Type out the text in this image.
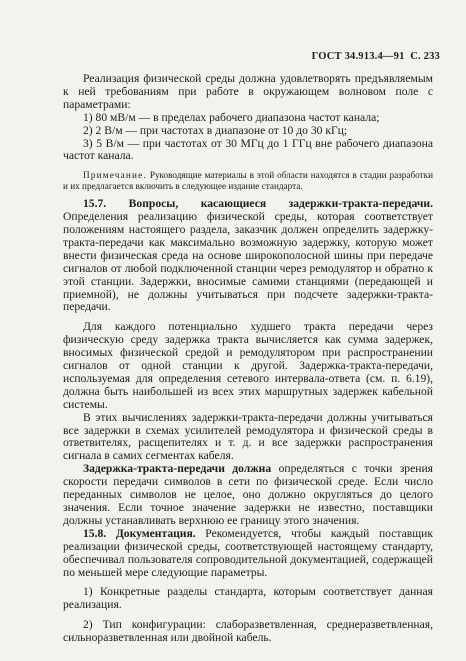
ГОСТ 34.913.4—91 С. 233

Реализация физической среды должна удовлетворять предъявляемым к ней требованиям при работе в окружающем волновом поле с параметрами:

1) 80 мВ/м — в пределах рабочего диапазона частот канала;

2) 2 В/м — при частотах в диапазоне от 10 до 30 кГц;

3) 5 В/м — при частотах от 30 МГц до 1 ГГц вне рабочего диапазона частот канала.

Примечание. Руководящие материалы в этой области находятся в стадии разработки и их предлагается включить в следующее издание стандарта.

15.7. Вопросы, касающиеся задержки-тракта-передачи. Определения реализацию физической среды, которая соответствует положениям настоящего раздела, заказчик должен определить задержку-тракта-передачи как максимально возможную задержку, которую может внести физическая среда на основе широкополосной шины при передаче сигналов от любой подключенной станции через ремодулятор и обратно к этой станции. Задержки, вносимые самими станциями (передающей и приемной), не должны учитываться при подсчете задержки-тракта-передачи.

Для каждого потенциально худшего тракта передачи через физическую среду задержка тракта вычисляется как сумма задержек, вносимых физической средой и ремодулятором при распространении сигналов от одной станции к другой. Задержка-тракта-передачи, используемая для определения сетевого интервала-ответа (см. п. 6.19), должна быть наибольшей из всех этих маршрутных задержек кабельной системы.

В этих вычислениях задержки-тракта-передачи должны учитываться все задержки в схемах усилителей ремодулятора и физической среды в ответвителях, расщепителях и т. д. и все задержки распространения сигнала в самих сегментах кабеля.

Задержка-тракта-передачи должна определяться с точки зрения скорости передачи символов в сети по физической среде. Если число переданных символов не целое, оно должно округляться до целого значения. Если точное значение задержки не известно, поставщики должны устанавливать верхнюю ее границу этого значения.

15.8. Документация. Рекомендуется, чтобы каждый поставщик реализации физической среды, соответствующей настоящему стандарту, обеспечивал пользователя сопроводительной документацией, содержащей по меньшей мере следующие параметры.

1) Конкретные разделы стандарта, которым соответствует данная реализация.

2) Тип конфигурации: слаборазветвленная, среднеразветвленная, сильноразветвленная или двойной кабель.
